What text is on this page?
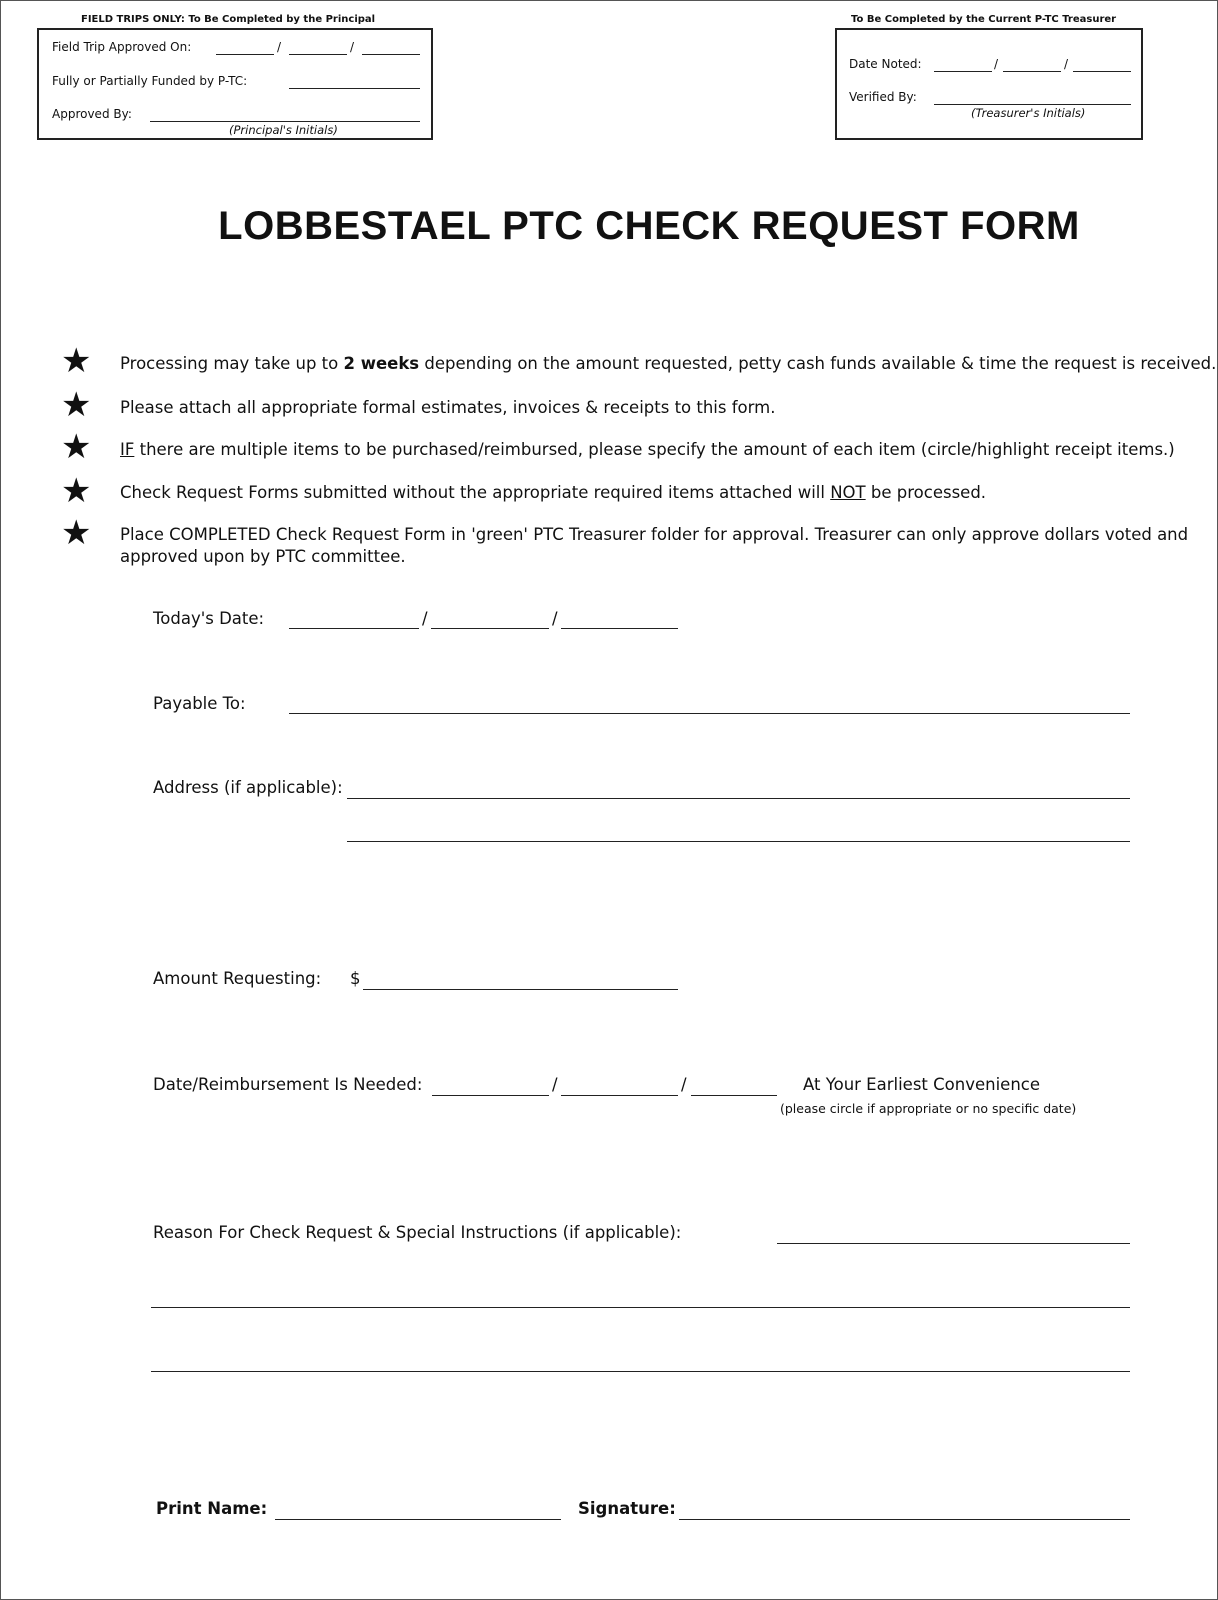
FIELD TRIPS ONLY: To Be Completed by the Principal
Field Trip Approved On:	/	/
Fully or Partially Funded by P-TC:
Approved By:
(Principal's Initials)
To Be Completed by the Current P-TC Treasurer
Date Noted:	/	/
Verified By:
(Treasurer's Initials)
LOBBESTAEL PTC CHECK REQUEST FORM
★ Processing may take up to 2 weeks depending on the amount requested, petty cash funds available & time the request is received.
★ Please attach all appropriate formal estimates, invoices & receipts to this form.
★ IF there are multiple items to be purchased/reimbursed, please specify the amount of each item (circle/highlight receipt items.)
★ Check Request Forms submitted without the appropriate required items attached will NOT be processed.
★ Place COMPLETED Check Request Form in 'green' PTC Treasurer folder for approval. Treasurer can only approve dollars voted and
approved upon by PTC committee.
Today's Date:	/	/
Payable To:
Address (if applicable):
Amount Requesting: $
Date/Reimbursement Is Needed:	/	/	At Your Earliest Convenience
(please circle if appropriate or no specific date)
Reason For Check Request & Special Instructions (if applicable):
Print Name:	Signature:
